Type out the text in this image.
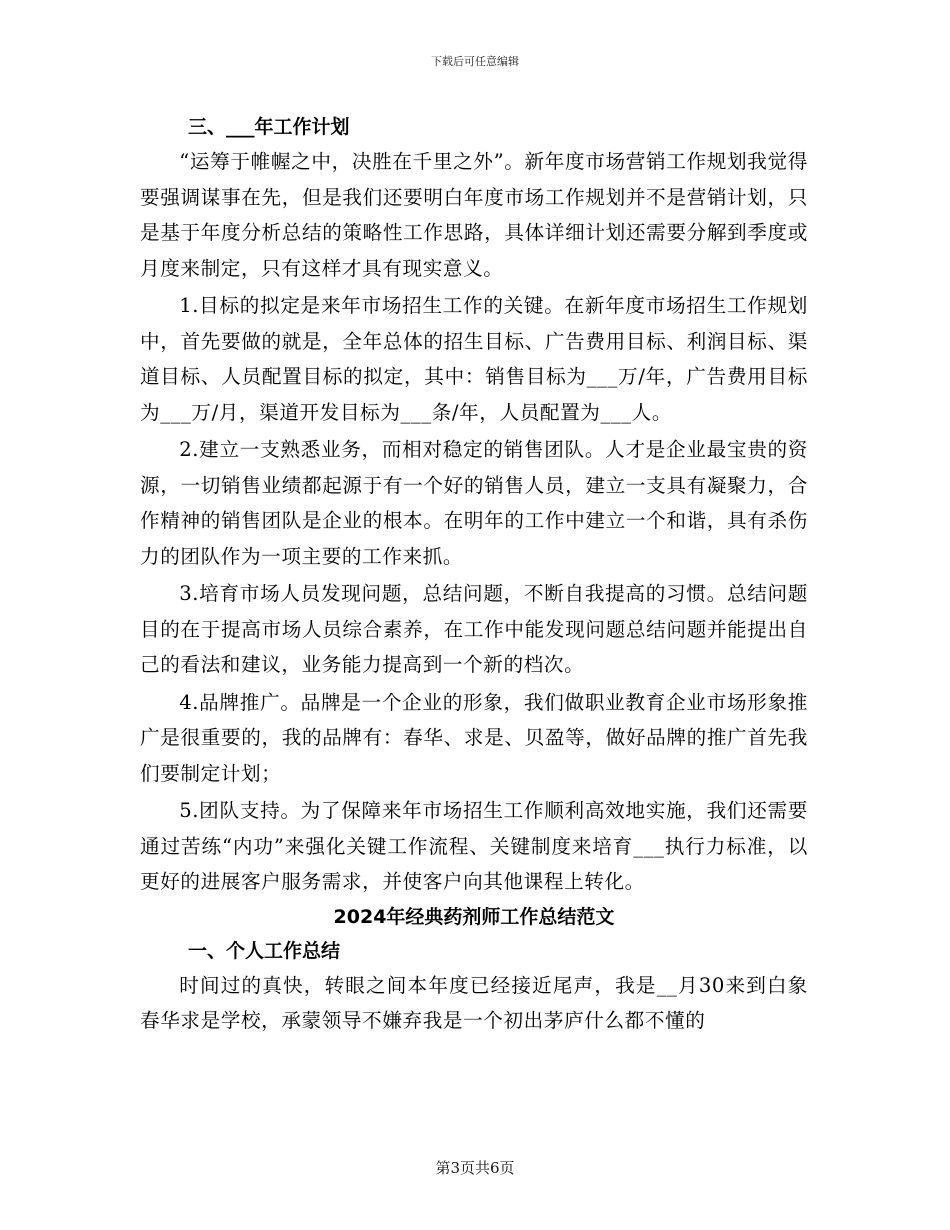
下载后可任意编辑
三、___年工作计划

“运筹于帷幄之中，决胜在千里之外”。新年度市场营销工作规划我觉得要强调谋事在先，但是我们还要明白年度市场工作规划并不是营销计划，只是基于年度分析总结的策略性工作思路，具体详细计划还需要分解到季度或月度来制定，只有这样才具有现实意义。

1.目标的拟定是来年市场招生工作的关键。在新年度市场招生工作规划中，首先要做的就是，全年总体的招生目标、广告费用目标、利润目标、渠道目标、人员配置目标的拟定，其中：销售目标为___万/年，广告费用目标为___万/月，渠道开发目标为___条/年，人员配置为___人。

2.建立一支熟悉业务，而相对稳定的销售团队。人才是企业最宝贵的资源，一切销售业绩都起源于有一个好的销售人员，建立一支具有凝聚力，合作精神的销售团队是企业的根本。在明年的工作中建立一个和谐，具有杀伤力的团队作为一项主要的工作来抓。

3.培育市场人员发现问题，总结问题，不断自我提高的习惯。总结问题目的在于提高市场人员综合素养，在工作中能发现问题总结问题并能提出自己的看法和建议，业务能力提高到一个新的档次。

4.品牌推广。品牌是一个企业的形象，我们做职业教育企业市场形象推广是很重要的，我的品牌有：春华、求是、贝盈等，做好品牌的推广首先我们要制定计划；

5.团队支持。为了保障来年市场招生工作顺利高效地实施，我们还需要通过苦练“内功”来强化关键工作流程、关键制度来培育___执行力标准，以更好的进展客户服务需求，并使客户向其他课程上转化。

2024年经典药剂师工作总结范文
一、个人工作总结

时间过的真快，转眼之间本年度已经接近尾声，我是__月30来到白象春华求是学校，承蒙领导不嫌弃我是一个初出茅庐什么都不懂的

第3页共6页
